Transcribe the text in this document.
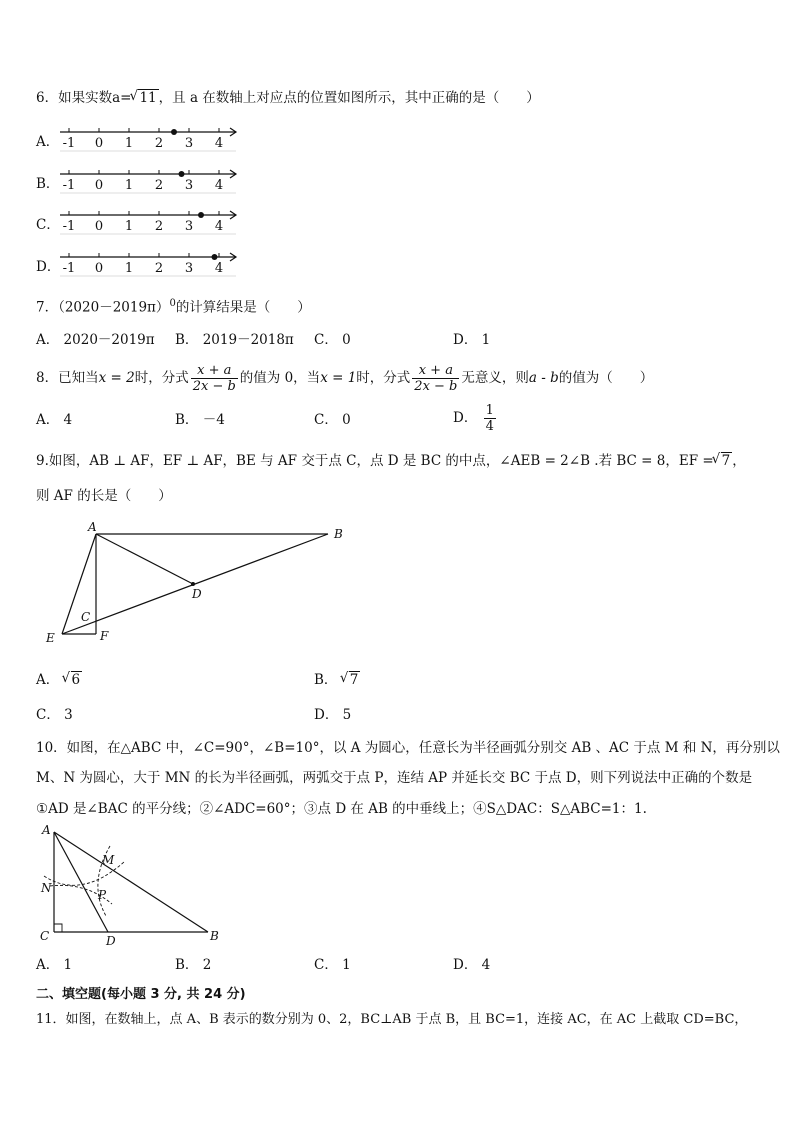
6．如果实数a= √ 11 ，且 a 在数轴上对应点的位置如图所示，其中正确的是（　　）
A． -1 0 1 2 3 4
B． -1 0 1 2 3 4
C． -1 0 1 2 3 4
D． -1 0 1 2 3 4
7．$(2020-2019\pi)^0$的计算结果是（　　）
A． 2020－2019π B． 2019－2018π C． 0	D． 1
8．已知当x = 2时，分式 $\frac{x + a}{2x - b}$ 的值为 0，当x = 1时，分式 $\frac{x + a}{2x - b}$ 无意义，则a - b的值为（　　）
A． 4	B． －4	C． 0	D． $\frac{1}{4}$
9.如图，AB ⊥ AF，EF ⊥ AF，BE 与 AF 交于点 C，点 D 是 BC 的中点，∠AEB = 2∠B .若 BC = 8，EF = √ 7 ，
则 AF 的长是（　　）
A	B
C
D
E	F
A． √ 6	B． √ 7
C． 3	D． 5
10．如图，在△ABC 中，∠C=90°，∠B=10°，以 A 为圆心，任意长为半径画弧分别交 AB 、AC 于点 M 和 N，再分别以
M、N 为圆心，大于 MN 的长为半径画弧，两弧交于点 P，连结 AP 并延长交 BC 于点 D，则下列说法中正确的个数是
①AD 是∠BAC 的平分线；②∠ADC=60°；③点 D 在 AB 的中垂线上；④S△DAC：S△ABC=1：1.
A
B
C	D
M
N	P
A． 1	B． 2	C． 1	D． 4
二、填空题(每小题 3 分, 共 24 分)
11．如图，在数轴上，点 A、B 表示的数分别为 0、2，BC⊥AB 于点 B，且 BC=1，连接 AC，在 AC 上截取 CD=BC，
